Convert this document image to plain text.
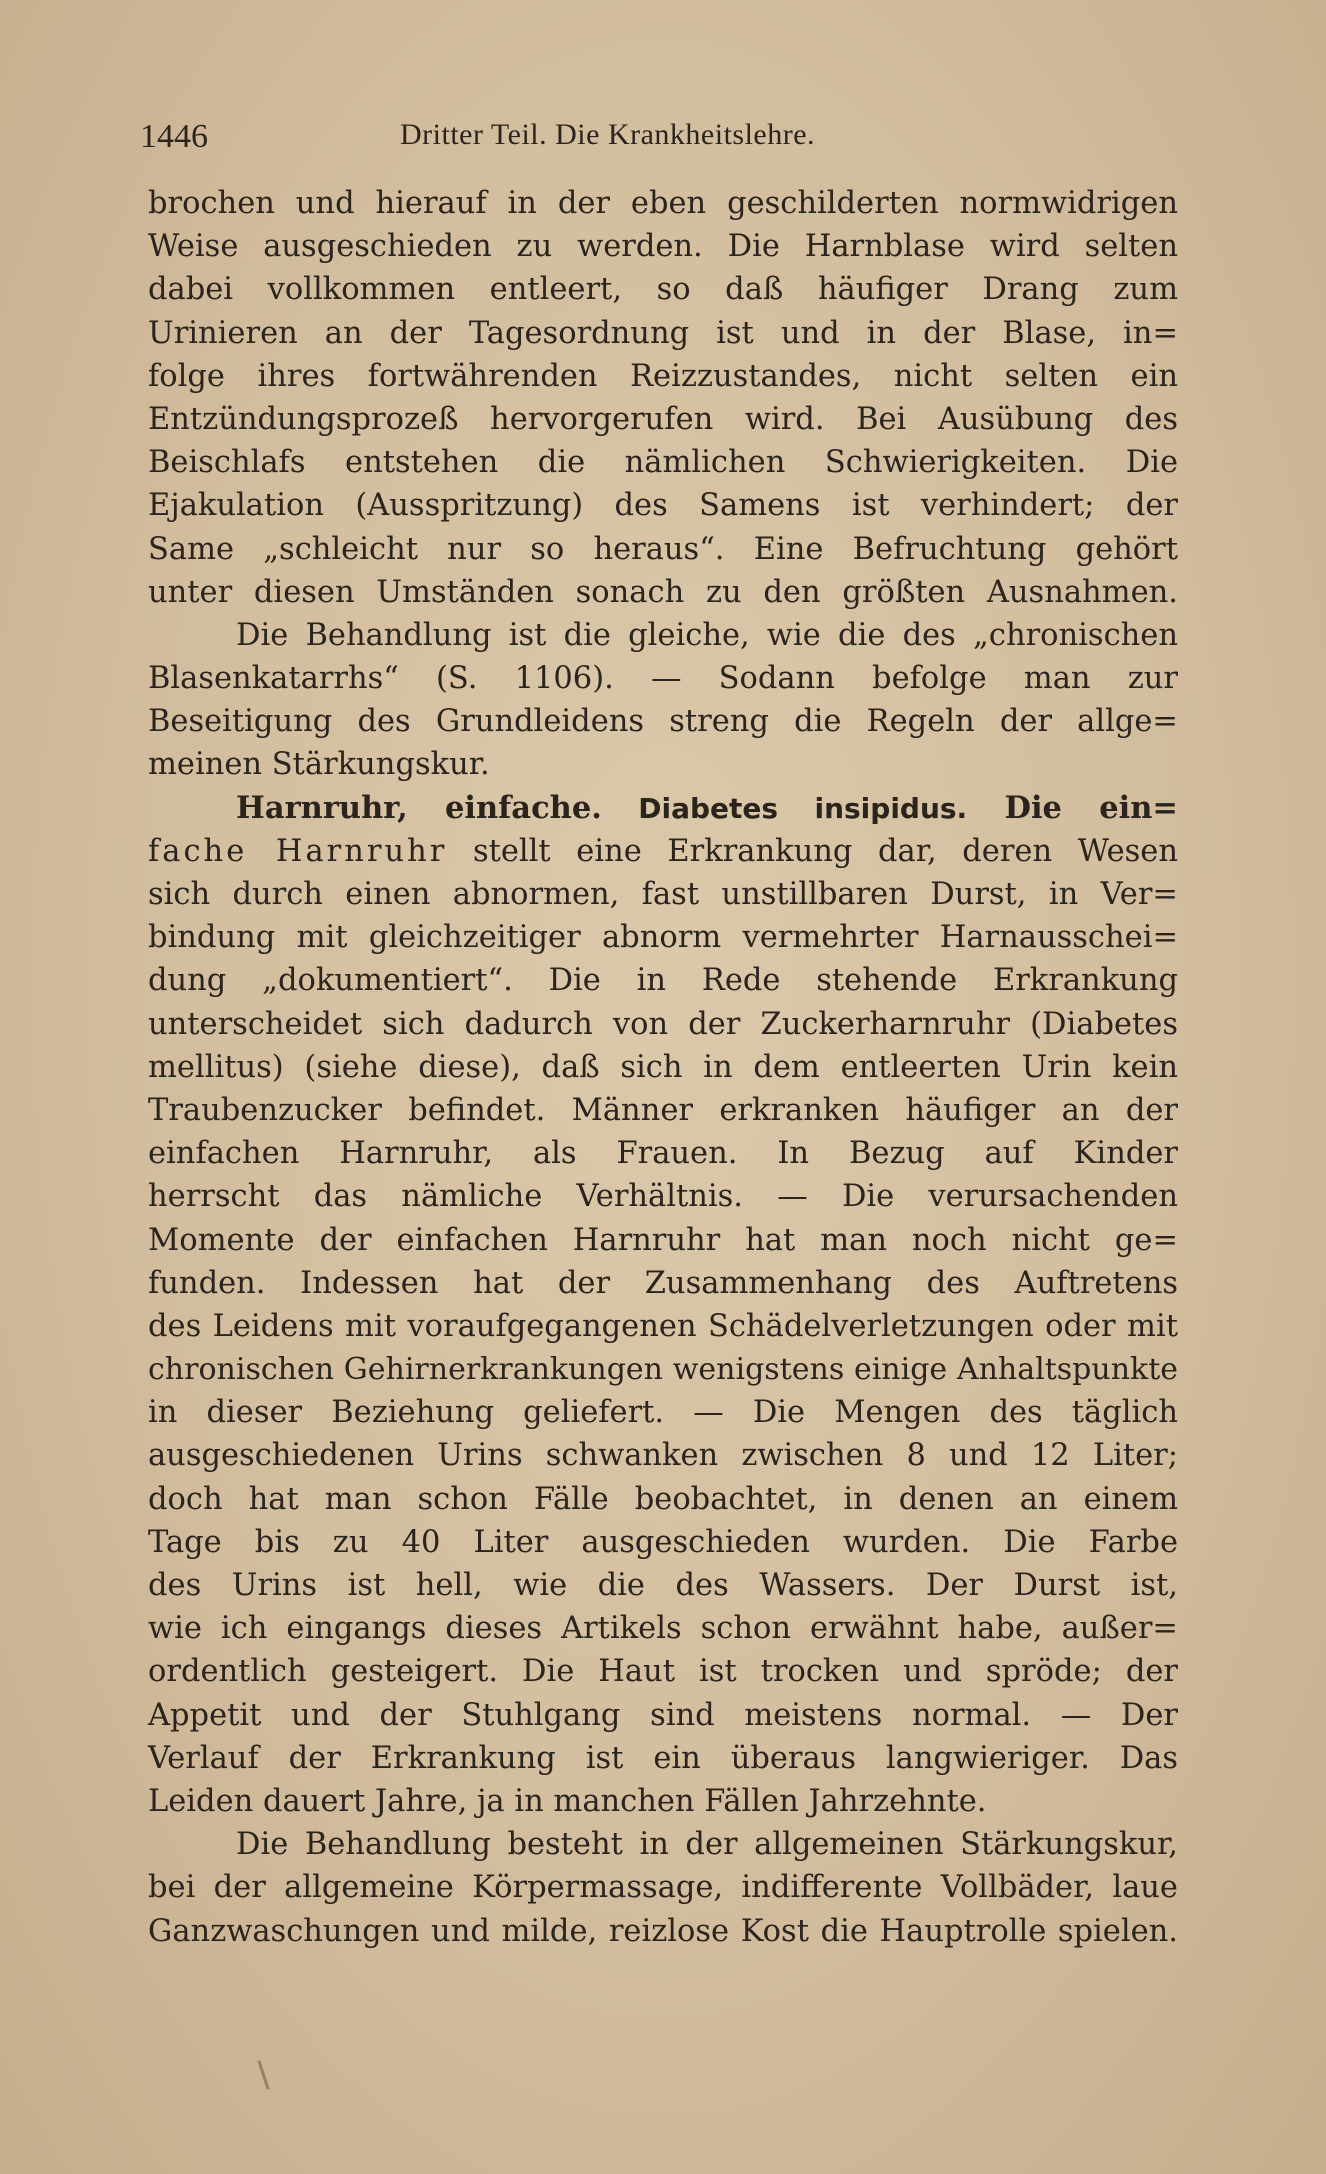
1446	Dritter Teil. Die Krankheitslehre.
brochen und hierauf in der eben geschilderten normwidrigen
Weise ausgeschieden zu werden. Die Harnblase wird selten
dabei vollkommen entleert, so daß häufiger Drang zum
Urinieren an der Tagesordnung ist und in der Blase, in=
folge ihres fortwährenden Reizzustandes, nicht selten ein
Entzündungsprozeß hervorgerufen wird. Bei Ausübung des
Beischlafs entstehen die nämlichen Schwierigkeiten. Die
Ejakulation (Ausspritzung) des Samens ist verhindert; der
Same „schleicht nur so heraus“. Eine Befruchtung gehört
unter diesen Umständen sonach zu den größten Ausnahmen.
Die Behandlung ist die gleiche, wie die des „chronischen
Blasenkatarrhs“ (S. 1106). — Sodann befolge man zur
Beseitigung des Grundleidens streng die Regeln der allge=
meinen Stärkungskur.
Harnruhr, einfache. Diabetes insipidus. Die ein=
fache Harnruhr stellt eine Erkrankung dar, deren Wesen
sich durch einen abnormen, fast unstillbaren Durst, in Ver=
bindung mit gleichzeitiger abnorm vermehrter Harnausschei=
dung „dokumentiert“. Die in Rede stehende Erkrankung
unterscheidet sich dadurch von der Zuckerharnruhr (Diabetes
mellitus) (siehe diese), daß sich in dem entleerten Urin kein
Traubenzucker befindet. Männer erkranken häufiger an der
einfachen Harnruhr, als Frauen. In Bezug auf Kinder
herrscht das nämliche Verhältnis. — Die verursachenden
Momente der einfachen Harnruhr hat man noch nicht ge=
funden. Indessen hat der Zusammenhang des Auftretens
des Leidens mit voraufgegangenen Schädelverletzungen oder mit
chronischen Gehirnerkrankungen wenigstens einige Anhaltspunkte
in dieser Beziehung geliefert. — Die Mengen des täglich
ausgeschiedenen Urins schwanken zwischen 8 und 12 Liter;
doch hat man schon Fälle beobachtet, in denen an einem
Tage bis zu 40 Liter ausgeschieden wurden. Die Farbe
des Urins ist hell, wie die des Wassers. Der Durst ist,
wie ich eingangs dieses Artikels schon erwähnt habe, außer=
ordentlich gesteigert. Die Haut ist trocken und spröde; der
Appetit und der Stuhlgang sind meistens normal. — Der
Verlauf der Erkrankung ist ein überaus langwieriger. Das
Leiden dauert Jahre, ja in manchen Fällen Jahrzehnte.
Die Behandlung besteht in der allgemeinen Stärkungskur,
bei der allgemeine Körpermassage, indifferente Vollbäder, laue
Ganzwaschungen und milde, reizlose Kost die Hauptrolle spielen.
